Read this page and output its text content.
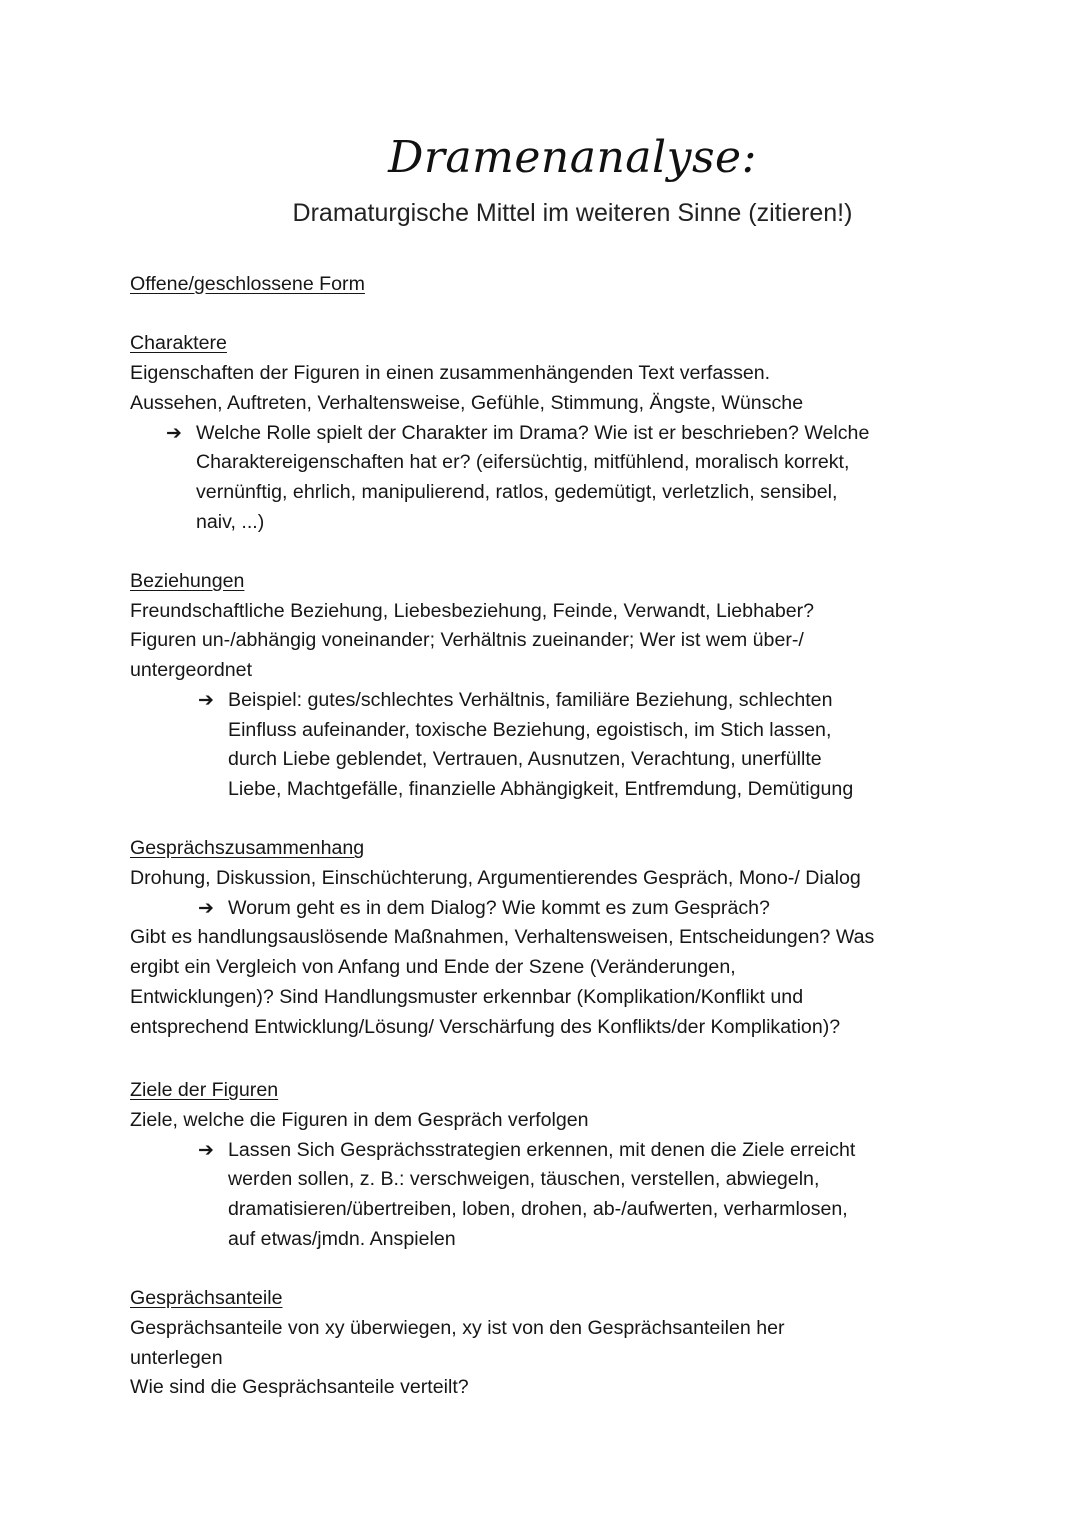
Dramenanalyse:
Dramaturgische Mittel im weiteren Sinne (zitieren!)
Offene/geschlossene Form
Charaktere
Eigenschaften der Figuren in einen zusammenhängenden Text verfassen.
Aussehen, Auftreten, Verhaltensweise, Gefühle, Stimmung, Ängste, Wünsche
➔ Welche Rolle spielt der Charakter im Drama? Wie ist er beschrieben? Welche
Charaktereigenschaften hat er? (eifersüchtig, mitfühlend, moralisch korrekt,
vernünftig, ehrlich, manipulierend, ratlos, gedemütigt, verletzlich, sensibel,
naiv, ...)
Beziehungen
Freundschaftliche Beziehung, Liebesbeziehung, Feinde, Verwandt, Liebhaber?
Figuren un-/abhängig voneinander; Verhältnis zueinander; Wer ist wem über-/
untergeordnet
➔ Beispiel: gutes/schlechtes Verhältnis, familiäre Beziehung, schlechten
Einfluss aufeinander, toxische Beziehung, egoistisch, im Stich lassen,
durch Liebe geblendet, Vertrauen, Ausnutzen, Verachtung, unerfüllte
Liebe, Machtgefälle, finanzielle Abhängigkeit, Entfremdung, Demütigung
Gesprächszusammenhang
Drohung, Diskussion, Einschüchterung, Argumentierendes Gespräch, Mono-/ Dialog
➔ Worum geht es in dem Dialog? Wie kommt es zum Gespräch?
Gibt es handlungsauslösende Maßnahmen, Verhaltensweisen, Entscheidungen? Was
ergibt ein Vergleich von Anfang und Ende der Szene (Veränderungen,
Entwicklungen)? Sind Handlungsmuster erkennbar (Komplikation/Konflikt und
entsprechend Entwicklung/Lösung/ Verschärfung des Konflikts/der Komplikation)?
Ziele der Figuren
Ziele, welche die Figuren in dem Gespräch verfolgen
➔ Lassen Sich Gesprächsstrategien erkennen, mit denen die Ziele erreicht
werden sollen, z. B.: verschweigen, täuschen, verstellen, abwiegeln,
dramatisieren/übertreiben, loben, drohen, ab-/aufwerten, verharmlosen,
auf etwas/jmdn. Anspielen
Gesprächsanteile
Gesprächsanteile von xy überwiegen, xy ist von den Gesprächsanteilen her
unterlegen
Wie sind die Gesprächsanteile verteilt?
